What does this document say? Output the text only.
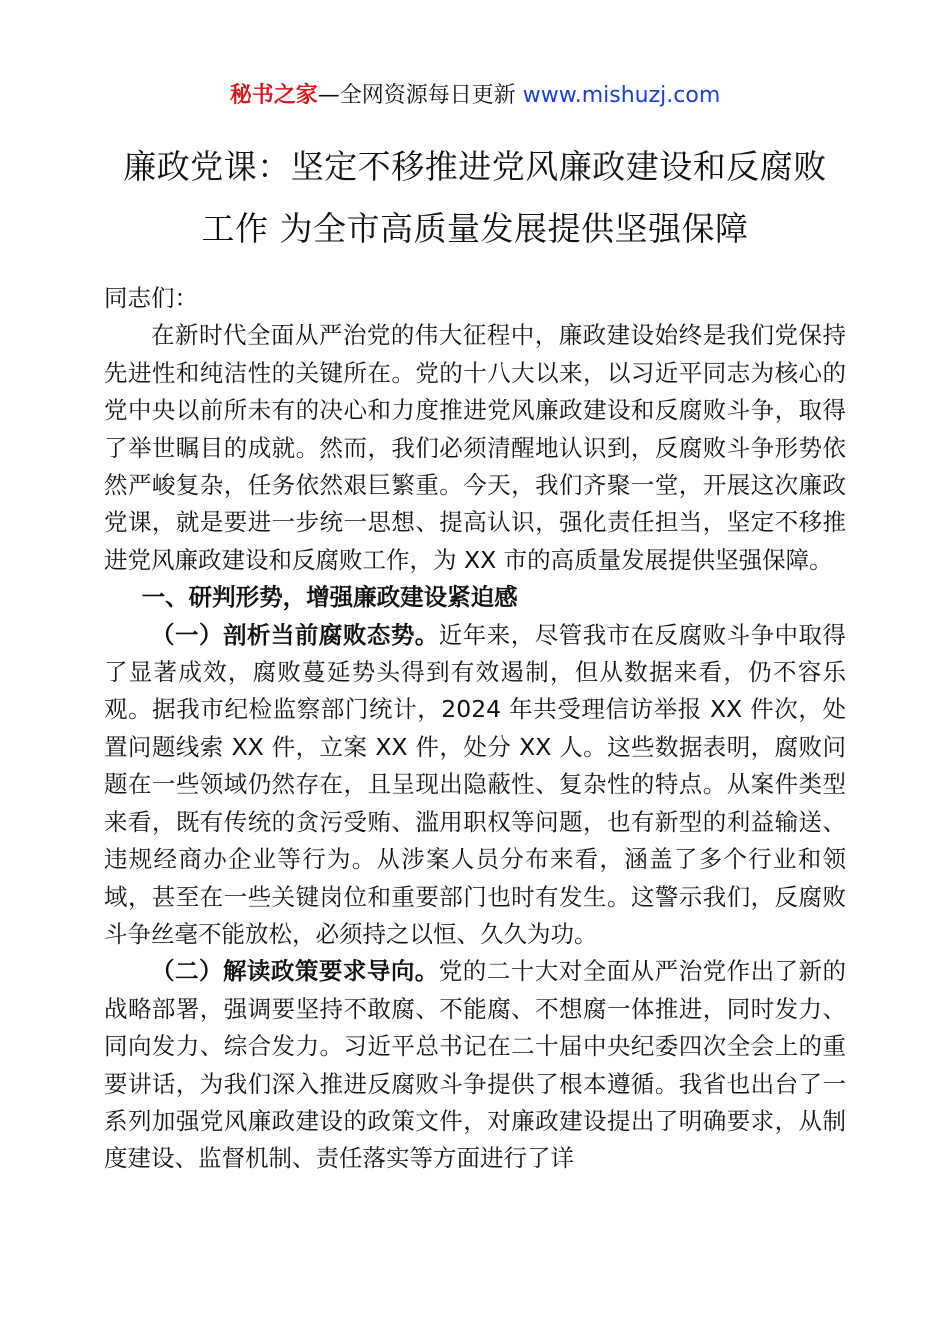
秘书之家—全网资源每日更新 www.mishuzj.com
廉政党课：坚定不移推进党风廉政建设和反腐败
工作 为全市高质量发展提供坚强保障

同志们：

在新时代全面从严治党的伟大征程中，廉政建设始终是我们党保持先进性和纯洁性的关键所在。党的十八大以来，以习近平同志为核心的党中央以前所未有的决心和力度推进党风廉政建设和反腐败斗争，取得了举世瞩目的成就。然而，我们必须清醒地认识到，反腐败斗争形势依然严峻复杂，任务依然艰巨繁重。今天，我们齐聚一堂，开展这次廉政党课，就是要进一步统一思想、提高认识，强化责任担当，坚定不移推进党风廉政建设和反腐败工作，为 XX 市的高质量发展提供坚强保障。

一、研判形势，增强廉政建设紧迫感

（一）剖析当前腐败态势。近年来，尽管我市在反腐败斗争中取得了显著成效，腐败蔓延势头得到有效遏制，但从数据来看，仍不容乐观。据我市纪检监察部门统计，2024 年共受理信访举报 XX 件次，处置问题线索 XX 件，立案 XX 件，处分 XX 人。这些数据表明，腐败问题在一些领域仍然存在，且呈现出隐蔽性、复杂性的特点。从案件类型来看，既有传统的贪污受贿、滥用职权等问题，也有新型的利益输送、违规经商办企业等行为。从涉案人员分布来看，涵盖了多个行业和领域，甚至在一些关键岗位和重要部门也时有发生。这警示我们，反腐败斗争丝毫不能放松，必须持之以恒、久久为功。

（二）解读政策要求导向。党的二十大对全面从严治党作出了新的战略部署，强调要坚持不敢腐、不能腐、不想腐一体推进，同时发力、同向发力、综合发力。习近平总书记在二十届中央纪委四次全会上的重要讲话，为我们深入推进反腐败斗争提供了根本遵循。我省也出台了一系列加强党风廉政建设的政策文件，对廉政建设提出了明确要求，从制度建设、监督机制、责任落实等方面进行了详
